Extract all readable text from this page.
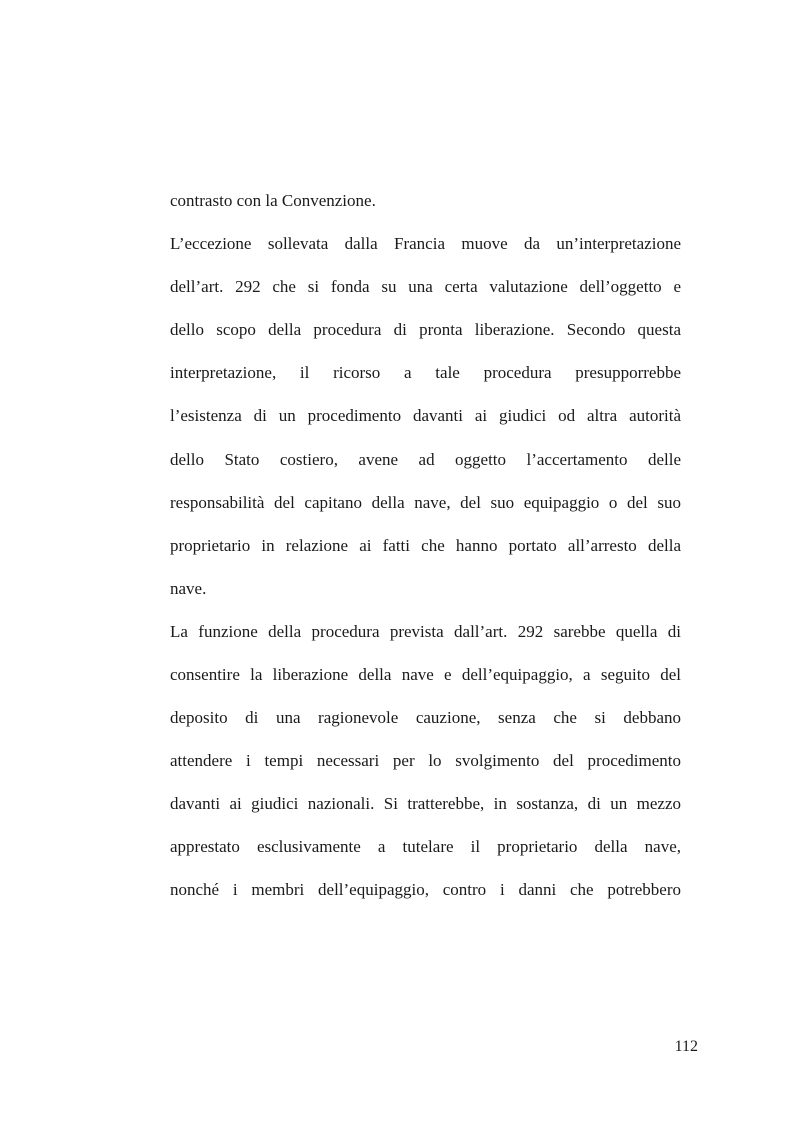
contrasto con la Convenzione.
L’eccezione sollevata dalla Francia muove da un’interpretazione
dell’art. 292 che si fonda su una certa valutazione dell’oggetto e
dello scopo della procedura di pronta liberazione. Secondo questa
interpretazione, il ricorso a tale procedura presupporrebbe
l’esistenza di un procedimento davanti ai giudici od altra autorità
dello Stato costiero, avene ad oggetto l’accertamento delle
responsabilità del capitano della nave, del suo equipaggio o del suo
proprietario in relazione ai fatti che hanno portato all’arresto della
nave.
La funzione della procedura prevista dall’art. 292 sarebbe quella di
consentire la liberazione della nave e dell’equipaggio, a seguito del
deposito di una ragionevole cauzione, senza che si debbano
attendere i tempi necessari per lo svolgimento del procedimento
davanti ai giudici nazionali. Si tratterebbe, in sostanza, di un mezzo
apprestato esclusivamente a tutelare il proprietario della nave,
nonché i membri dell’equipaggio, contro i danni che potrebbero
112
